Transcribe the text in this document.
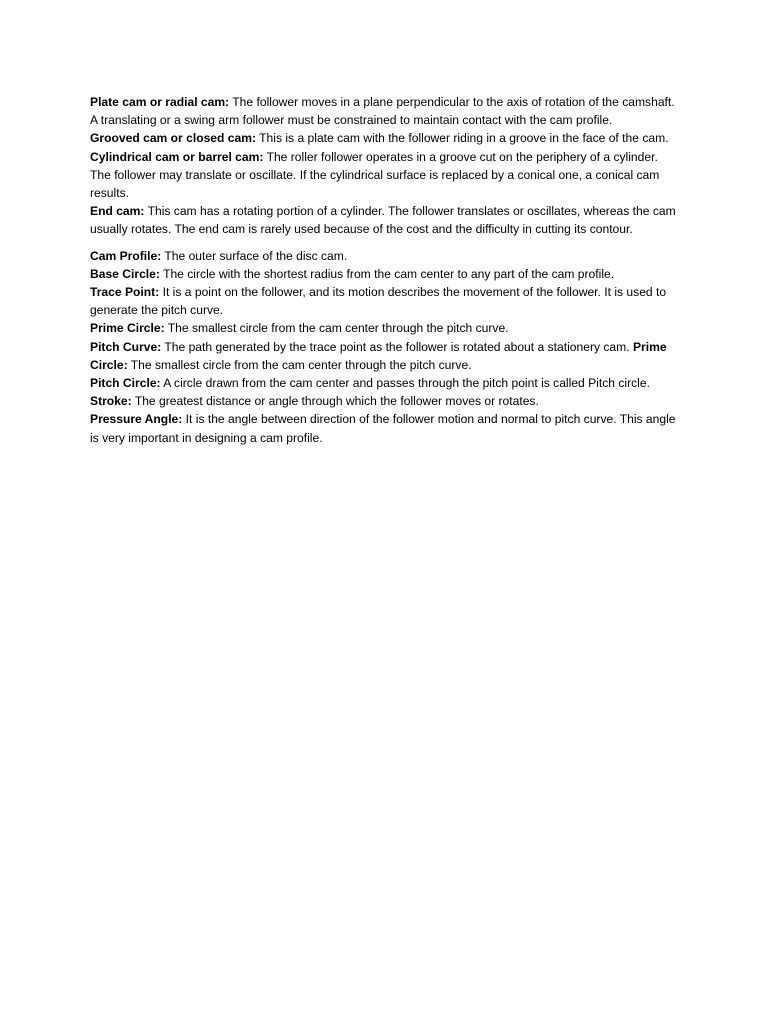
Plate cam or radial cam: The follower moves in a plane perpendicular to the axis of rotation of the camshaft. A translating or a swing arm follower must be constrained to maintain contact with the cam profile.

Grooved cam or closed cam: This is a plate cam with the follower riding in a groove in the face of the cam.

Cylindrical cam or barrel cam: The roller follower operates in a groove cut on the periphery of a cylinder. The follower may translate or oscillate. If the cylindrical surface is replaced by a conical one, a conical cam results.

End cam: This cam has a rotating portion of a cylinder. The follower translates or oscillates, whereas the cam usually rotates. The end cam is rarely used because of the cost and the difficulty in cutting its contour.

Cam Profile: The outer surface of the disc cam.

Base Circle: The circle with the shortest radius from the cam center to any part of the cam profile.

Trace Point: It is a point on the follower, and its motion describes the movement of the follower. It is used to generate the pitch curve.

Prime Circle: The smallest circle from the cam center through the pitch curve.

Pitch Curve: The path generated by the trace point as the follower is rotated about a stationery cam. Prime Circle: The smallest circle from the cam center through the pitch curve.

Pitch Circle: A circle drawn from the cam center and passes through the pitch point is called Pitch circle.

Stroke: The greatest distance or angle through which the follower moves or rotates.

Pressure Angle: It is the angle between direction of the follower motion and normal to pitch curve. This angle is very important in designing a cam profile.
